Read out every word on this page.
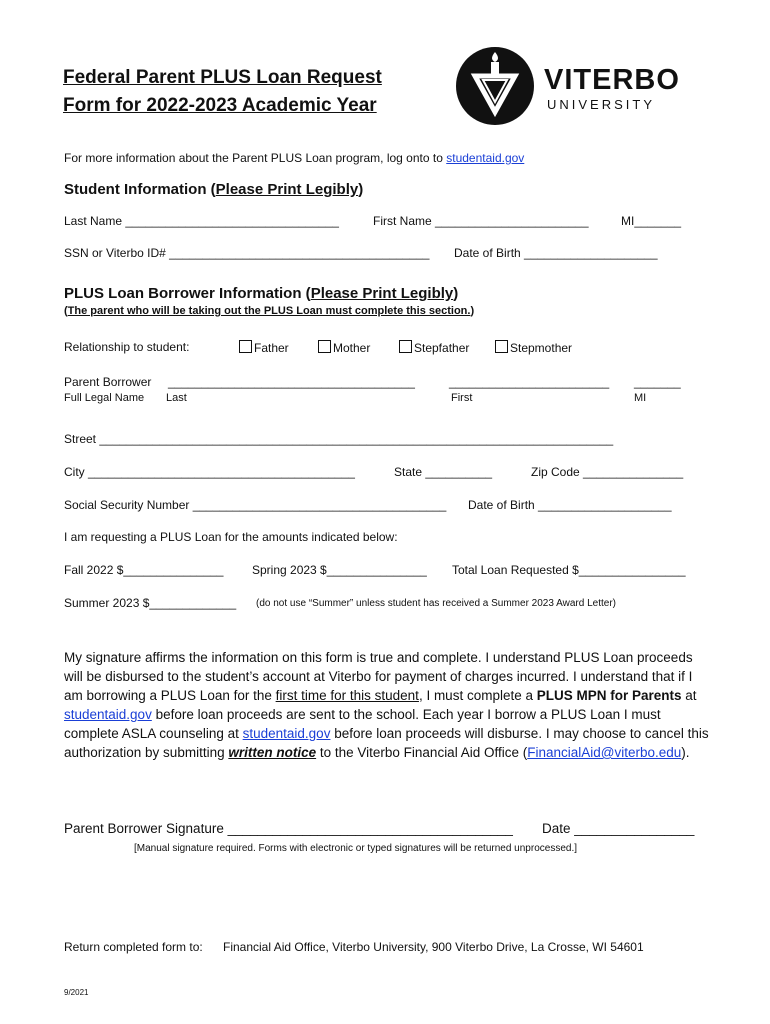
Federal Parent PLUS Loan Request
Form for 2022-2023 Academic Year
VITERBO
UNIVERSITY
For more information about the Parent PLUS Loan program, log onto to studentaid.gov
Student Information (Please Print Legibly)
Last Name ________________________________	First Name _______________________	MI_______
SSN or Viterbo ID# _______________________________________ Date of Birth ____________________
PLUS Loan Borrower Information (Please Print Legibly)
(The parent who will be taking out the PLUS Loan must complete this section.)
Relationship to student:	Father	Mother	Stepfather	Stepmother
Parent Borrower _____________________________________	________________________ _______
Full Legal Name Last	First	MI
Street _____________________________________________________________________________
City ________________________________________	State __________	Zip Code _______________
Social Security Number ______________________________________ Date of Birth ____________________
I am requesting a PLUS Loan for the amounts indicated below:
Fall 2022 $_______________ Spring 2023 $_______________ Total Loan Requested $________________
Summer 2023 $_____________ (do not use “Summer” unless student has received a Summer 2023 Award Letter)
My signature affirms the information on this form is true and complete. I understand PLUS Loan proceeds will be disbursed to the student’s account at Viterbo for payment of charges incurred. I understand that if I am borrowing a PLUS Loan for the first time for this student, I must complete a PLUS MPN for Parents at studentaid.gov before loan proceeds are sent to the school. Each year I borrow a PLUS Loan I must complete ASLA counseling at studentaid.gov before loan proceeds will disburse. I may choose to cancel this authorization by submitting written notice to the Viterbo Financial Aid Office (FinancialAid@viterbo.edu).
Parent Borrower Signature ______________________________________ Date ________________
[Manual signature required. Forms with electronic or typed signatures will be returned unprocessed.]
Return completed form to: Financial Aid Office, Viterbo University, 900 Viterbo Drive, La Crosse, WI 54601
9/2021
